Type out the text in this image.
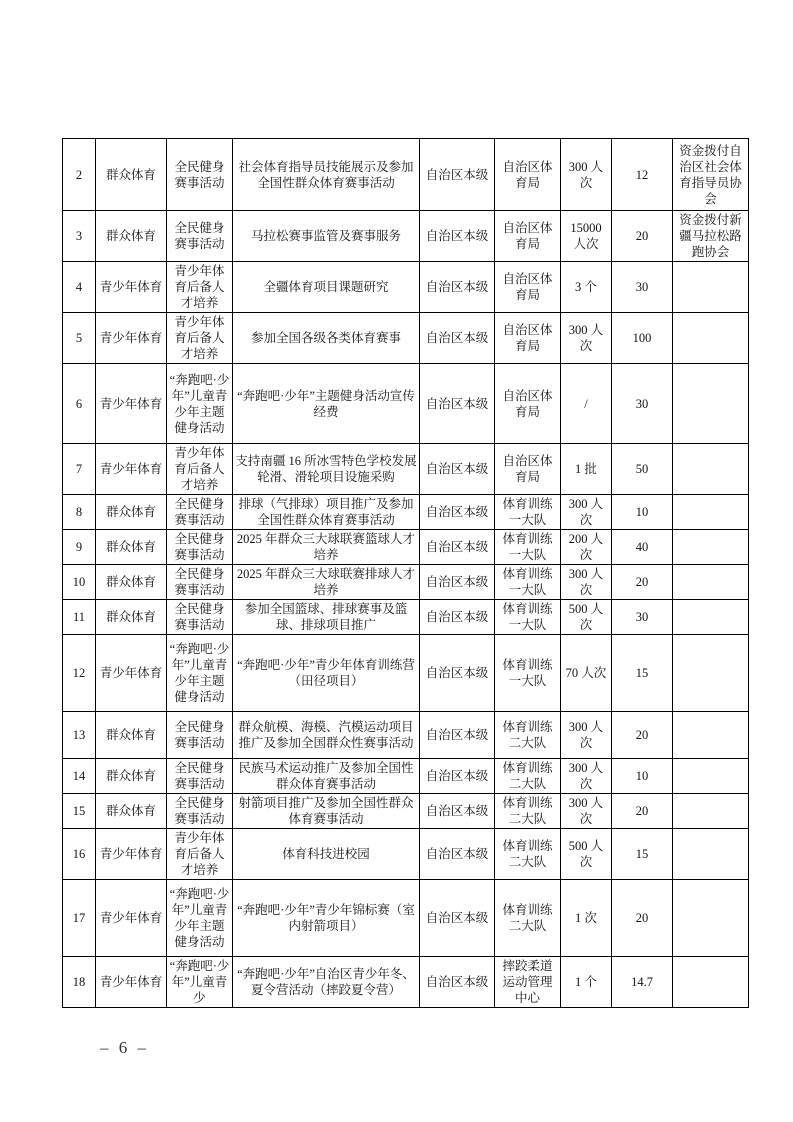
2	群众体育	全民健身赛事活动	社会体育指导员技能展示及参加全国性群众体育赛事活动	自治区本级	自治区体育局	300 人次	12	资金拨付自治区社会体育指导员协会
3	群众体育	全民健身赛事活动	马拉松赛事监管及赛事服务	自治区本级	自治区体育局	15000 人次	20	资金拨付新疆马拉松路跑协会
4	青少年体育	青少年体育后备人才培养	全疆体育项目课题研究	自治区本级	自治区体育局	3 个	30	
5	青少年体育	青少年体育后备人才培养	参加全国各级各类体育赛事	自治区本级	自治区体育局	300 人次	100	
6	青少年体育	“奔跑吧·少年”儿童青少年主题健身活动	“奔跑吧·少年”主题健身活动宣传经费	自治区本级	自治区体育局	/	30	
7	青少年体育	青少年体育后备人才培养	支持南疆 16 所冰雪特色学校发展轮滑、滑轮项目设施采购	自治区本级	自治区体育局	1 批	50	
8	群众体育	全民健身赛事活动	排球（气排球）项目推广及参加全国性群众体育赛事活动	自治区本级	体育训练一大队	300 人次	10	
9	群众体育	全民健身赛事活动	2025 年群众三大球联赛篮球人才培养	自治区本级	体育训练一大队	200 人次	40	
10	群众体育	全民健身赛事活动	2025 年群众三大球联赛排球人才培养	自治区本级	体育训练一大队	300 人次	20	
11	群众体育	全民健身赛事活动	参加全国篮球、排球赛事及篮球、排球项目推广	自治区本级	体育训练一大队	500 人次	30	
12	青少年体育	“奔跑吧·少年”儿童青少年主题健身活动	“奔跑吧·少年”青少年体育训练营（田径项目）	自治区本级	体育训练一大队	70 人次	15	
13	群众体育	全民健身赛事活动	群众航模、海模、汽模运动项目推广及参加全国群众性赛事活动	自治区本级	体育训练二大队	300 人次	20	
14	群众体育	全民健身赛事活动	民族马术运动推广及参加全国性群众体育赛事活动	自治区本级	体育训练二大队	300 人次	10	
15	群众体育	全民健身赛事活动	射箭项目推广及参加全国性群众体育赛事活动	自治区本级	体育训练二大队	300 人次	20	
16	青少年体育	青少年体育后备人才培养	体育科技进校园	自治区本级	体育训练二大队	500 人次	15	
17	青少年体育	“奔跑吧·少年”儿童青少年主题健身活动	“奔跑吧·少年”青少年锦标赛（室内射箭项目）	自治区本级	体育训练二大队	1 次	20	
18	青少年体育	“奔跑吧·少年”儿童青少	“奔跑吧·少年”自治区青少年冬、夏令营活动（摔跤夏令营）	自治区本级	摔跤柔道运动管理中心	1 个	14.7	
– 6 –
